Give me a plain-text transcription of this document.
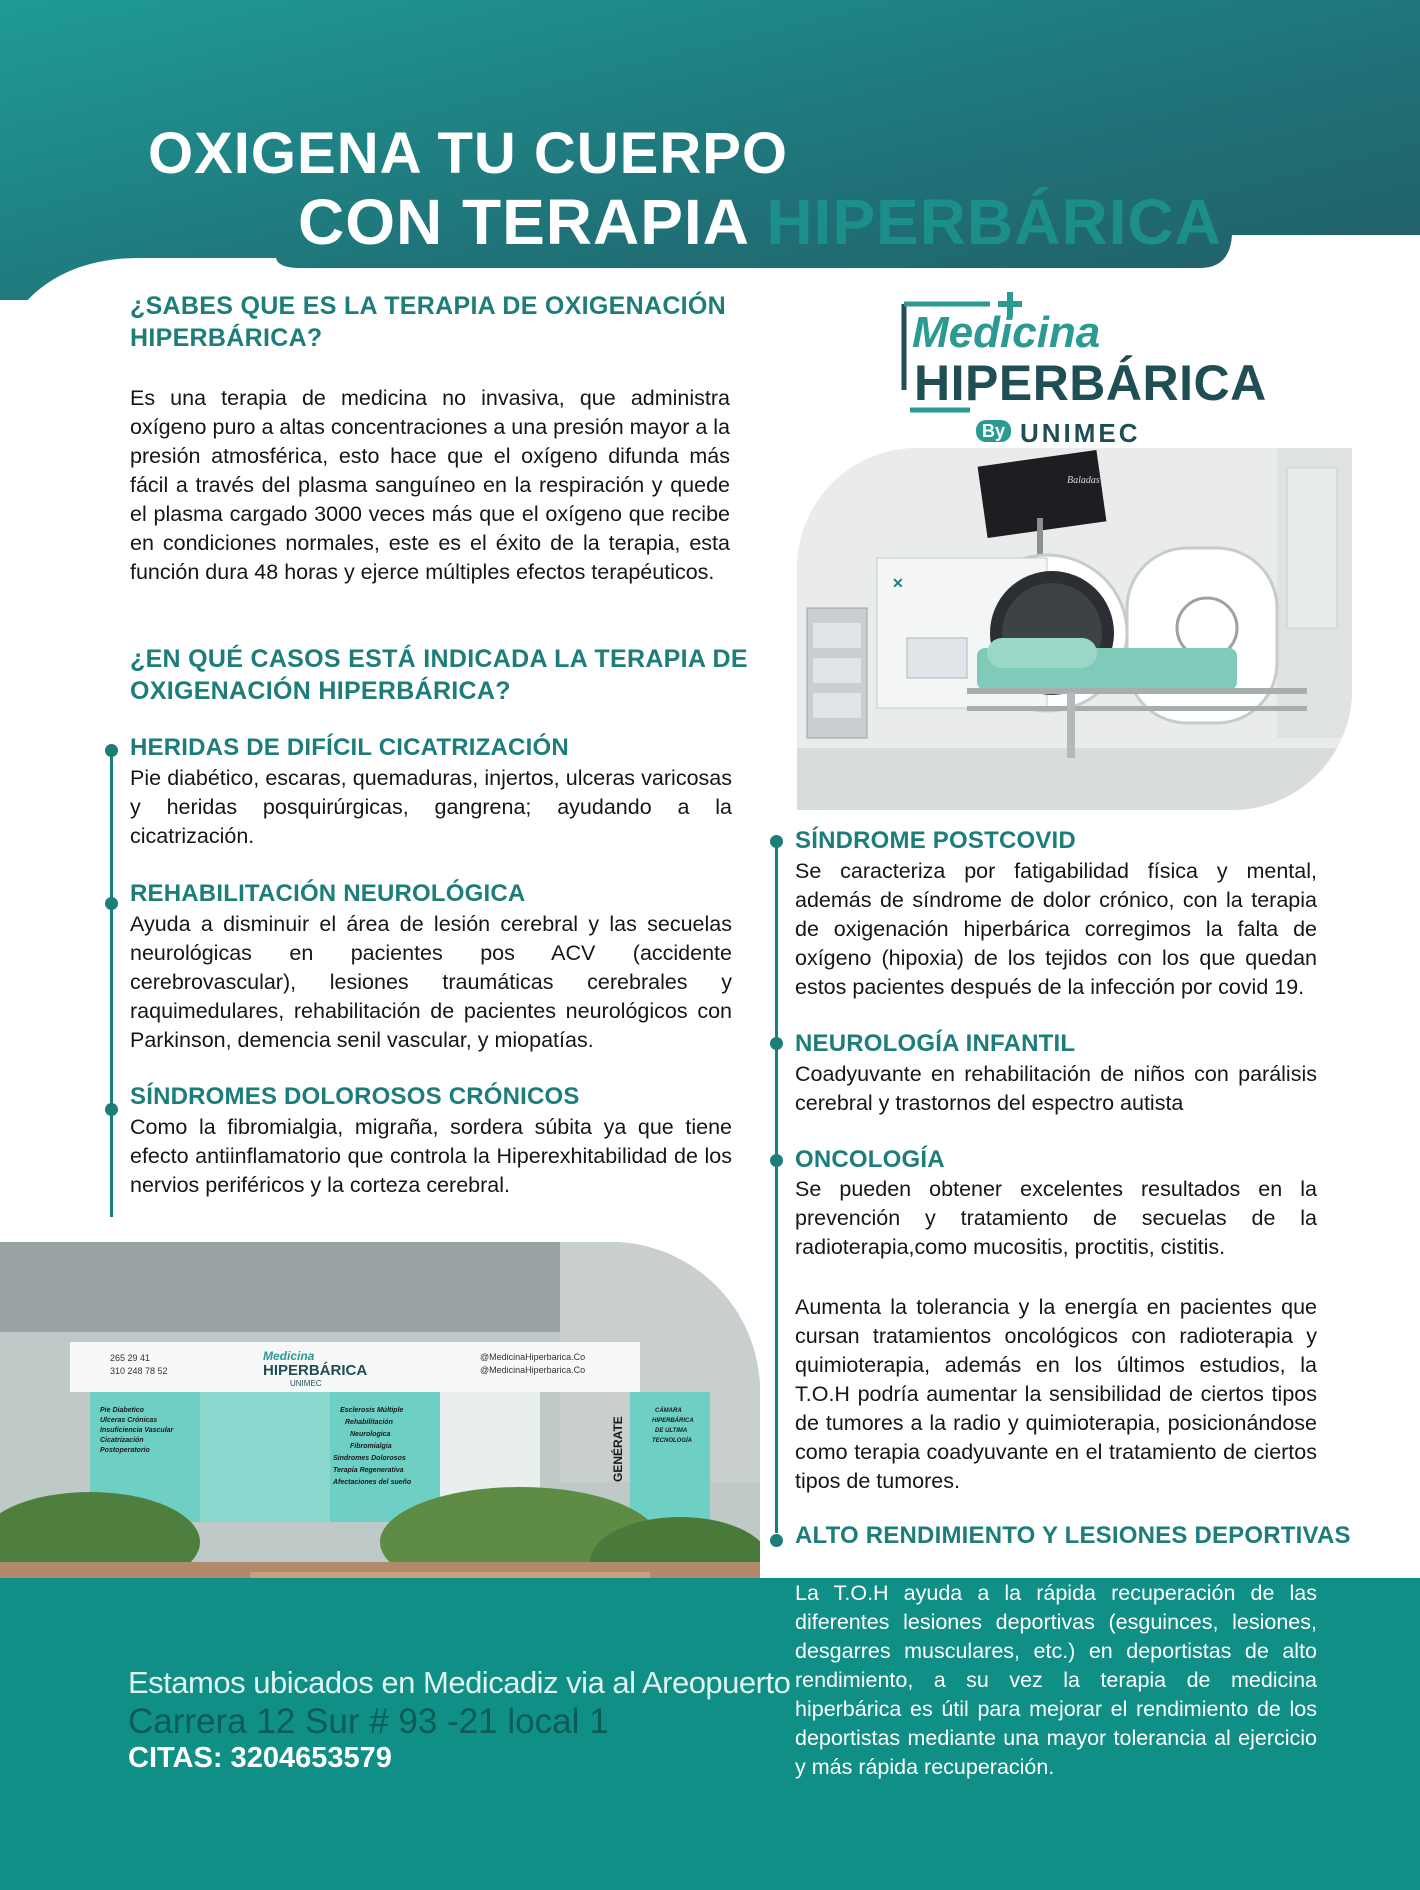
OXIGENA TU CUERPO
CON TERAPIA HIPERBÁRICA
¿SABES QUE ES LA TERAPIA DE OXIGENACIÓN HIPERBÁRICA?
Es una terapia de medicina no invasiva, que administra oxígeno puro a altas concentraciones a una presión mayor a la presión atmosférica, esto hace que el oxígeno difunda más fácil a través del plasma sanguíneo en la respiración y quede el plasma cargado 3000 veces más que el oxígeno que recibe en condiciones normales, este es el éxito de la terapia, esta función dura 48 horas y ejerce múltiples efectos terapéuticos.
¿EN QUÉ CASOS ESTÁ INDICADA LA TERAPIA DE OXIGENACIÓN HIPERBÁRICA?
HERIDAS DE DIFÍCIL CICATRIZACIÓN
Pie diabético, escaras, quemaduras, injertos, ulceras varicosas y heridas posquirúrgicas, gangrena; ayudando a la cicatrización.
REHABILITACIÓN NEUROLÓGICA
Ayuda a disminuir el área de lesión cerebral y las secuelas neurológicas en pacientes pos ACV (accidente cerebrovascular), lesiones traumáticas cerebrales y raquimedulares, rehabilitación de pacientes neurológicos con Parkinson, demencia senil vascular, y miopatías.
SÍNDROMES DOLOROSOS CRÓNICOS
Como la fibromialgia, migraña, sordera súbita ya que tiene efecto antiinflamatorio que controla la Hiperexhitabilidad de los nervios periféricos y la corteza cerebral.
Medicina
HIPERBÁRICA
By UNIMEC
Baladas
✕
SÍNDROME POSTCOVID
Se caracteriza por fatigabilidad física y mental, además de síndrome de dolor crónico, con la terapia de oxigenación hiperbárica corregimos la falta de oxígeno (hipoxia) de los tejidos con los que quedan estos pacientes después de la infección por covid 19.
NEUROLOGÍA INFANTIL
Coadyuvante en rehabilitación de niños con parálisis cerebral y trastornos del espectro autista
ONCOLOGÍA
Se pueden obtener excelentes resultados en la prevención y tratamiento de secuelas de la radioterapia,como mucositis, proctitis, cistitis.
Aumenta la tolerancia y la energía en pacientes que cursan tratamientos oncológicos con radioterapia y quimioterapia, además en los últimos estudios, la T.O.H podría aumentar la sensibilidad de ciertos tipos de tumores a la radio y quimioterapia, posicionándose como terapia coadyuvante en el tratamiento de ciertos tipos de tumores.
ALTO RENDIMIENTO Y LESIONES DEPORTIVAS
265 29 41
310 248 78 52
Medicina
HIPERBÁRICA
UNIMEC
@MedicinaHiperbarica.Co
@MedicinaHiperbarica.Co
Pie Diabetico
Ulceras Crónicas
Insuficiencia Vascular
Cicatrización
Postoperatorio
Esclerosis Múltiple
Rehabilitación
Neurologica
Fibromialgia
Sindromes Dolorosos
Terapia Regenerativa
Afectaciones del sueño
CÁMARA
HIPERBÁRICA
DE ULTIMA
TECNOLOGÍA
GENÉRATE
Estamos ubicados en Medicadiz via al Areopuerto
Carrera 12 Sur # 93 -21 local 1
CITAS: 3204653579
La T.O.H ayuda a la rápida recuperación de las diferentes lesiones deportivas (esguinces, lesiones, desgarres musculares, etc.) en deportistas de alto rendimiento, a su vez la terapia de medicina hiperbárica es útil para mejorar el rendimiento de los deportistas mediante una mayor tolerancia al ejercicio y más rápida recuperación.
